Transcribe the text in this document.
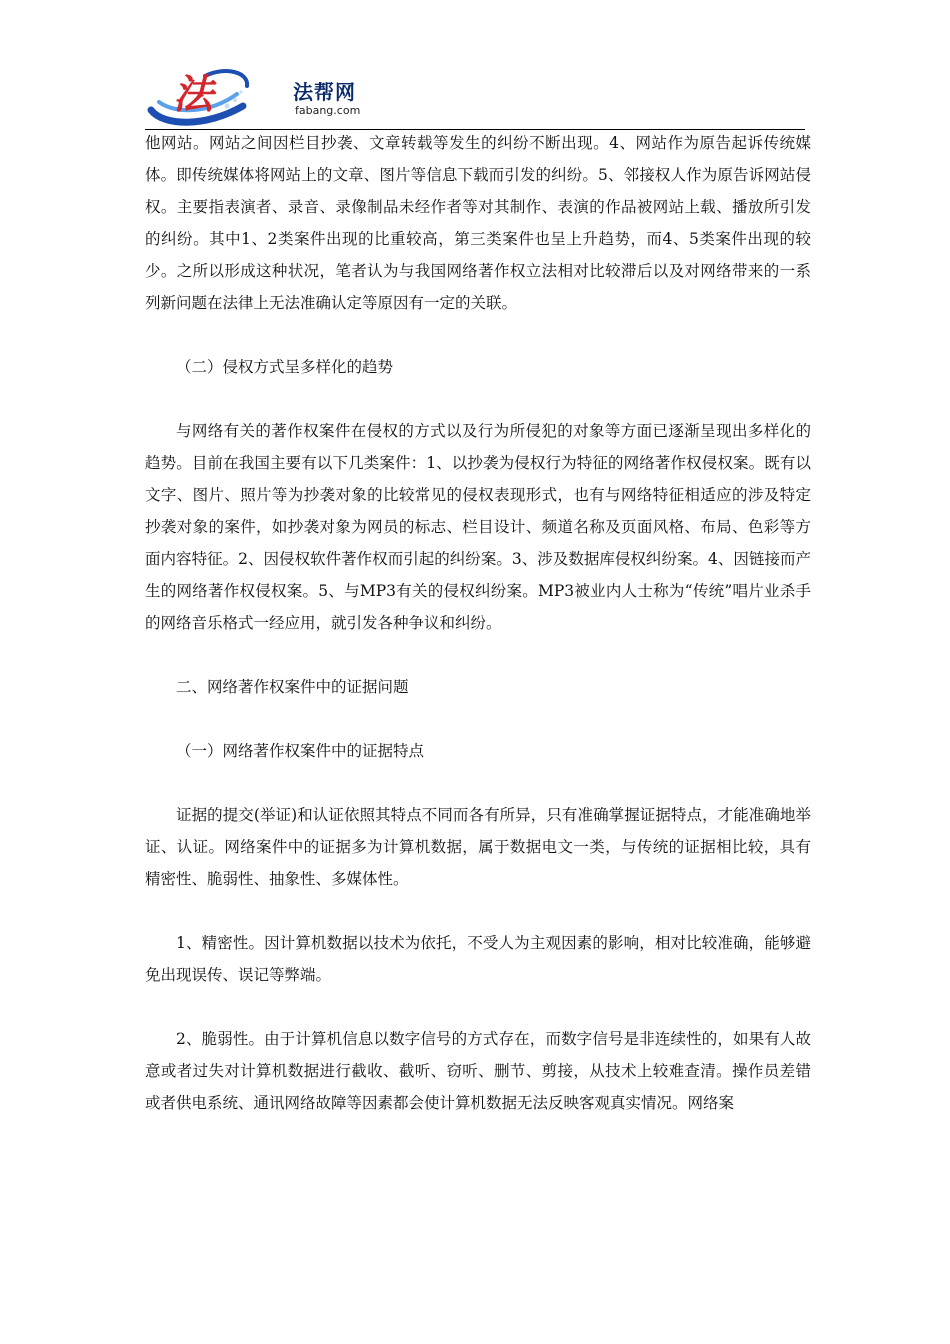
法	法帮网
fabang.com

他网站。网站之间因栏目抄袭、文章转载等发生的纠纷不断出现。4、网站作为原告起诉传统媒体。即传统媒体将网站上的文章、图片等信息下载而引发的纠纷。5、邻接权人作为原告诉网站侵权。主要指表演者、录音、录像制品未经作者等对其制作、表演的作品被网站上载、播放所引发的纠纷。其中1、2类案件出现的比重较高，第三类案件也呈上升趋势，而4、5类案件出现的较少。之所以形成这种状况，笔者认为与我国网络著作权立法相对比较滞后以及对网络带来的一系列新问题在法律上无法准确认定等原因有一定的关联。

（二）侵权方式呈多样化的趋势

与网络有关的著作权案件在侵权的方式以及行为所侵犯的对象等方面已逐渐呈现出多样化的趋势。目前在我国主要有以下几类案件：1、以抄袭为侵权行为特征的网络著作权侵权案。既有以文字、图片、照片等为抄袭对象的比较常见的侵权表现形式，也有与网络特征相适应的涉及特定抄袭对象的案件，如抄袭对象为网员的标志、栏目设计、频道名称及页面风格、布局、色彩等方面内容特征。2、因侵权软件著作权而引起的纠纷案。3、涉及数据库侵权纠纷案。4、因链接而产生的网络著作权侵权案。5、与MP3有关的侵权纠纷案。MP3被业内人士称为“传统”唱片业杀手的网络音乐格式一经应用，就引发各种争议和纠纷。

二、网络著作权案件中的证据问题

（一）网络著作权案件中的证据特点

证据的提交(举证)和认证依照其特点不同而各有所异，只有准确掌握证据特点，才能准确地举证、认证。网络案件中的证据多为计算机数据，属于数据电文一类，与传统的证据相比较，具有精密性、脆弱性、抽象性、多媒体性。

1、精密性。因计算机数据以技术为依托，不受人为主观因素的影响，相对比较准确，能够避免出现误传、误记等弊端。

2、脆弱性。由于计算机信息以数字信号的方式存在，而数字信号是非连续性的，如果有人故意或者过失对计算机数据进行截收、截听、窃听、删节、剪接，从技术上较难查清。操作员差错或者供电系统、通讯网络故障等因素都会使计算机数据无法反映客观真实情况。网络案
